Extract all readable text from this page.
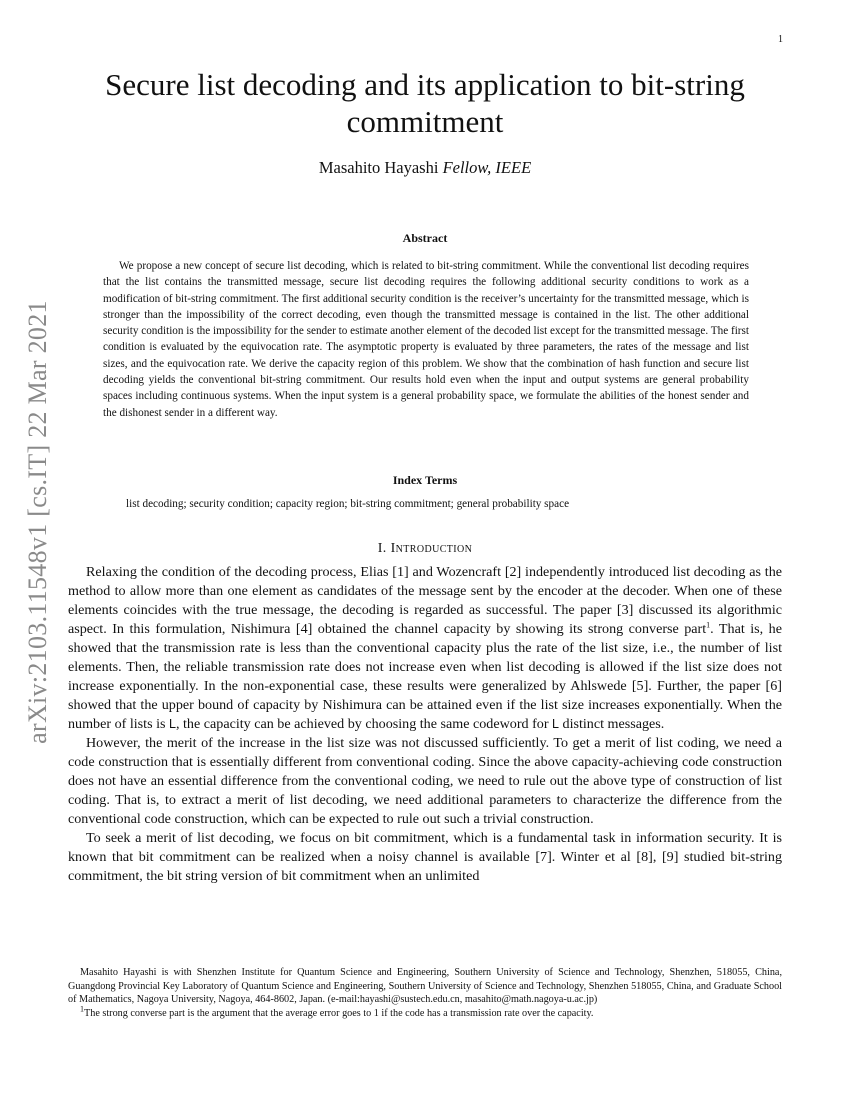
1
arXiv:2103.11548v1 [cs.IT] 22 Mar 2021
Secure list decoding and its application to bit-string commitment
Masahito Hayashi Fellow, IEEE
Abstract
We propose a new concept of secure list decoding, which is related to bit-string commitment. While the conventional list decoding requires that the list contains the transmitted message, secure list decoding requires the following additional security conditions to work as a modification of bit-string commitment. The first additional security condition is the receiver’s uncertainty for the transmitted message, which is stronger than the impossibility of the correct decoding, even though the transmitted message is contained in the list. The other additional security condition is the impossibility for the sender to estimate another element of the decoded list except for the transmitted message. The first condition is evaluated by the equivocation rate. The asymptotic property is evaluated by three parameters, the rates of the message and list sizes, and the equivocation rate. We derive the capacity region of this problem. We show that the combination of hash function and secure list decoding yields the conventional bit-string commitment. Our results hold even when the input and output systems are general probability spaces including continuous systems. When the input system is a general probability space, we formulate the abilities of the honest sender and the dishonest sender in a different way.
Index Terms
list decoding; security condition; capacity region; bit-string commitment; general probability space
I. Introduction

Relaxing the condition of the decoding process, Elias [1] and Wozencraft [2] independently introduced list decoding as the method to allow more than one element as candidates of the message sent by the encoder at the decoder. When one of these elements coincides with the true message, the decoding is regarded as successful. The paper [3] discussed its algorithmic aspect. In this formulation, Nishimura [4] obtained the channel capacity by showing its strong converse part$^1$. That is, he showed that the transmission rate is less than the conventional capacity plus the rate of the list size, i.e., the number of list elements. Then, the reliable transmission rate does not increase even when list decoding is allowed if the list size does not increase exponentially. In the non-exponential case, these results were generalized by Ahlswede [5]. Further, the paper [6] showed that the upper bound of capacity by Nishimura can be attained even if the list size increases exponentially. When the number of lists is L, the capacity can be achieved by choosing the same codeword for L distinct messages.

However, the merit of the increase in the list size was not discussed sufficiently. To get a merit of list coding, we need a code construction that is essentially different from conventional coding. Since the above capacity-achieving code construction does not have an essential difference from the conventional coding, we need to rule out the above type of construction of list coding. That is, to extract a merit of list decoding, we need additional parameters to characterize the difference from the conventional code construction, which can be expected to rule out such a trivial construction.

To seek a merit of list decoding, we focus on bit commitment, which is a fundamental task in information security. It is known that bit commitment can be realized when a noisy channel is available [7]. Winter et al [8], [9] studied bit-string commitment, the bit string version of bit commitment when an unlimited

Masahito Hayashi is with Shenzhen Institute for Quantum Science and Engineering, Southern University of Science and Technology, Shenzhen, 518055, China, Guangdong Provincial Key Laboratory of Quantum Science and Engineering, Southern University of Science and Technology, Shenzhen 518055, China, and Graduate School of Mathematics, Nagoya University, Nagoya, 464-8602, Japan. (e-mail:hayashi@sustech.edu.cn, masahito@math.nagoya-u.ac.jp)

$^1$The strong converse part is the argument that the average error goes to 1 if the code has a transmission rate over the capacity.
